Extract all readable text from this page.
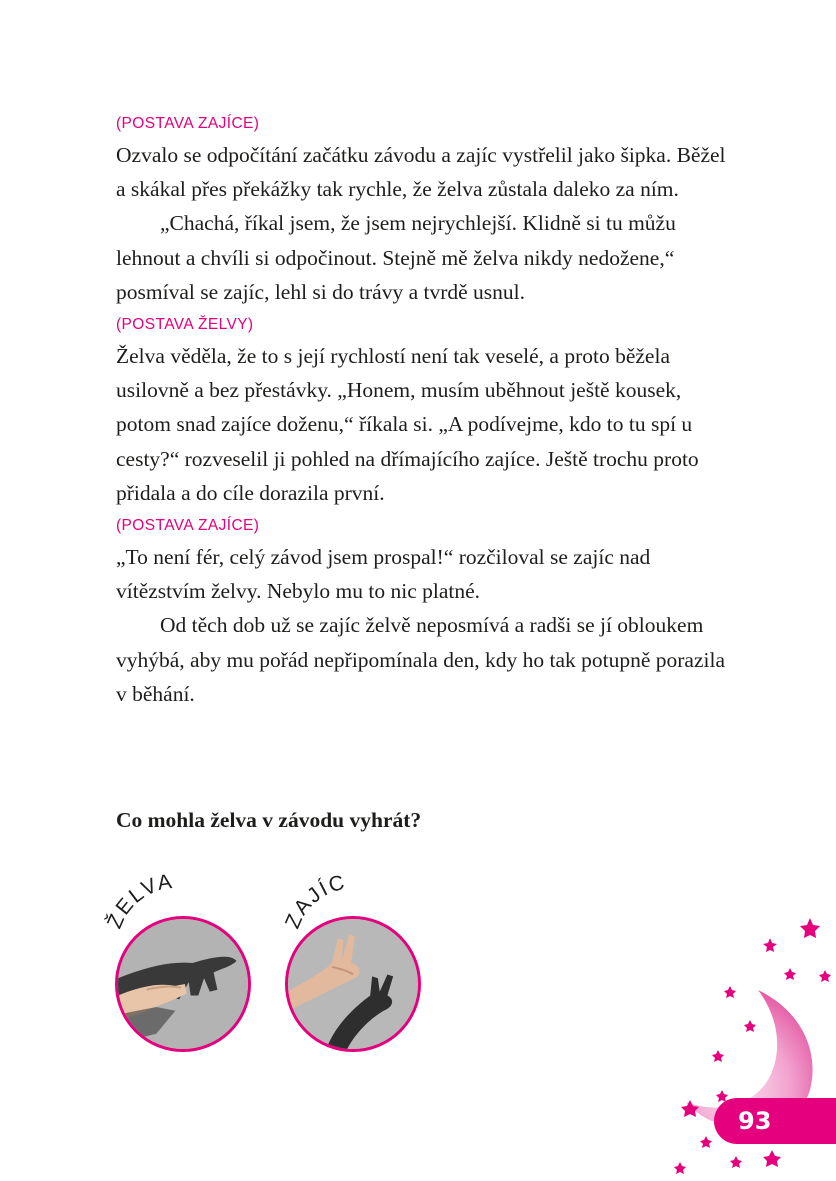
(POSTAVA ZAJÍCE)

Ozvalo se odpočítání začátku závodu a zajíc vystřelil jako šipka. Běžel a skákal přes překážky tak rychle, že želva zůstala daleko za ním.

„Chachá, říkal jsem, že jsem nejrychlejší. Klidně si tu můžu lehnout a chvíli si odpočinout. Stejně mě želva nikdy nedožene,“ posmíval se zajíc, lehl si do trávy a tvrdě usnul.

(POSTAVA ŽELVY)

Želva věděla, že to s její rychlostí není tak veselé, a proto běžela usilovně a bez přestávky. „Honem, musím uběhnout ještě kousek, potom snad zajíce doženu,“ říkala si. „A podívejme, kdo to tu spí u cesty?“ rozveselil ji pohled na dřímajícího zajíce. Ještě trochu proto přidala a do cíle dorazila první.

(POSTAVA ZAJÍCE)

„To není fér, celý závod jsem prospal!“ rozčiloval se zajíc nad vítězstvím želvy. Nebylo mu to nic platné.

Od těch dob už se zajíc želvě neposmívá a radši se jí obloukem vyhýbá, aby mu pořád nepřipomínala den, kdy ho tak potupně porazila v běhání.

Co mohla želva v závodu vyhrát?
ŽELVA
ZAJÍC
93
